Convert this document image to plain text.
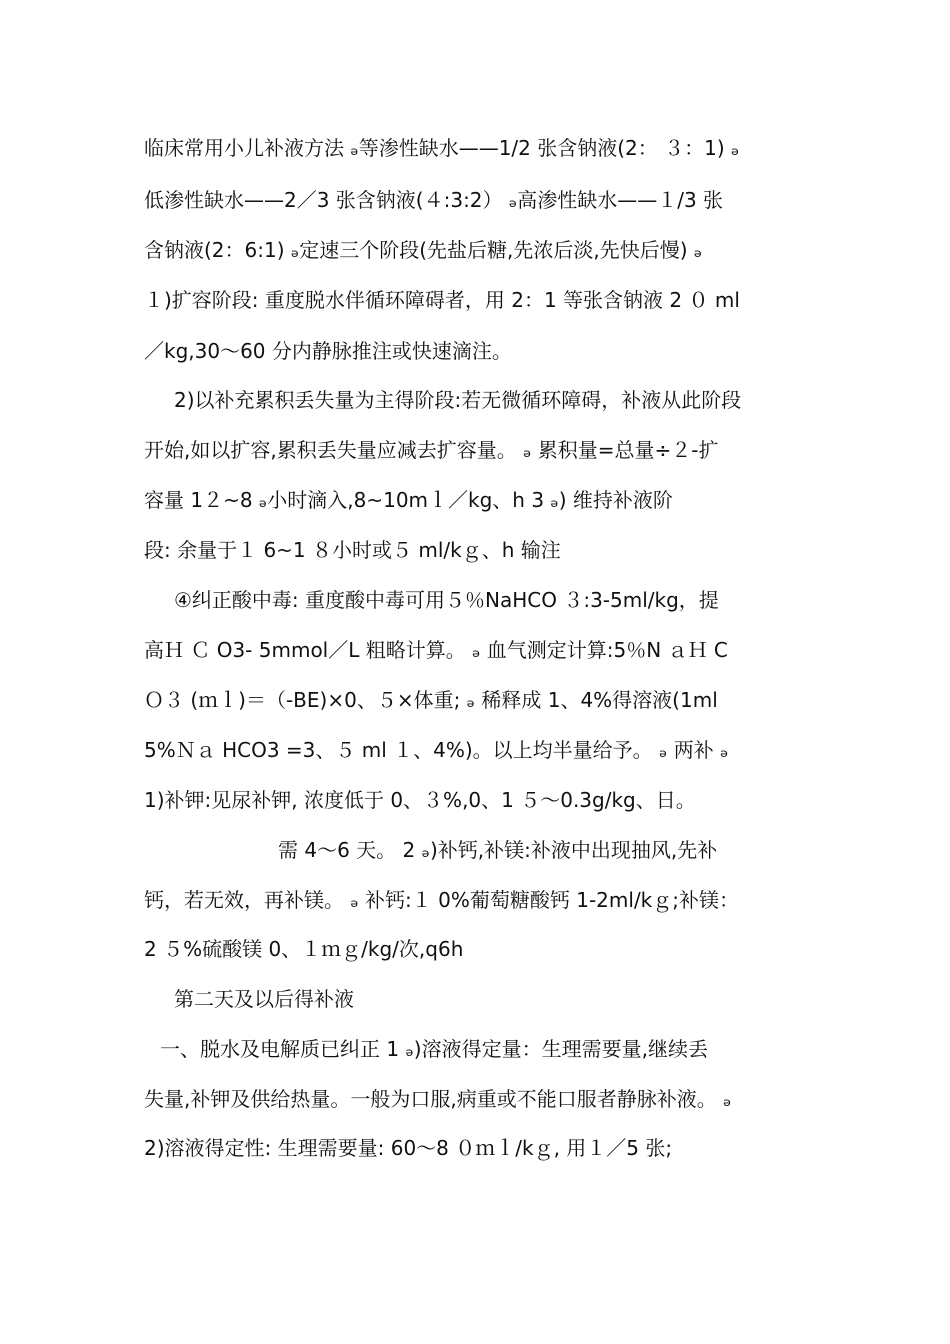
临床常用小儿补液方法 ₔ等渗性缺水——1/2 张含钠液(2： ３：1) ₔ
低渗性缺水——2／3 张含钠液(４:3:2） ₔ高渗性缺水——１/3 张
含钠液(2：6:1) ₔ定速三个阶段(先盐后糖,先浓后淡,先快后慢) ₔ
１)扩容阶段: 重度脱水伴循环障碍者，用 2：1 等张含钠液 2 ０ ml
／kg,30～60 分内静脉推注或快速滴注。
2)以补充累积丢失量为主得阶段:若无微循环障碍，补液从此阶段
开始,如以扩容,累积丢失量应减去扩容量。 ₔ 累积量=总量÷２-扩
容量 1２~8 ₔ小时滴入,8~10mｌ／kg、h 3 ₔ) 维持补液阶
段: 余量于１ 6~1 ８小时或５ ml/kｇ、h 输注
④纠正酸中毒: 重度酸中毒可用５％NaHCO ３:3-5ml/kg，提
高Ｈ Ｃ O3- 5mmol／L 粗略计算。 ₔ 血气测定计算:5％N ａＨ C
Ｏ３ (ｍｌ)＝（-BE)×0、５×体重; ₔ 稀释成 1、4%得溶液(1ml
5%Ｎａ HCO3 =3、５ ml １、4%)。以上均半量给予。 ₔ 两补 ₔ
1)补钾:见尿补钾, 浓度低于 0、３%,0、1 ５～0.3g/kg、日。
需 4～6 天。 2 ₔ)补钙,补镁:补液中出现抽风,先补
钙，若无效，再补镁。 ₔ 补钙:１ 0%葡萄糖酸钙 1-2ml/kｇ;补镁：
2 ５%硫酸镁 0、１ｍｇ/kg/次,q6h
第二天及以后得补液
一、脱水及电解质已纠正 1 ₔ)溶液得定量：生理需要量,继续丢
失量,补钾及供给热量。一般为口服,病重或不能口服者静脉补液。 ₔ
2)溶液得定性: 生理需要量: 60～8 ０ｍｌ/kｇ, 用１／5 张;
